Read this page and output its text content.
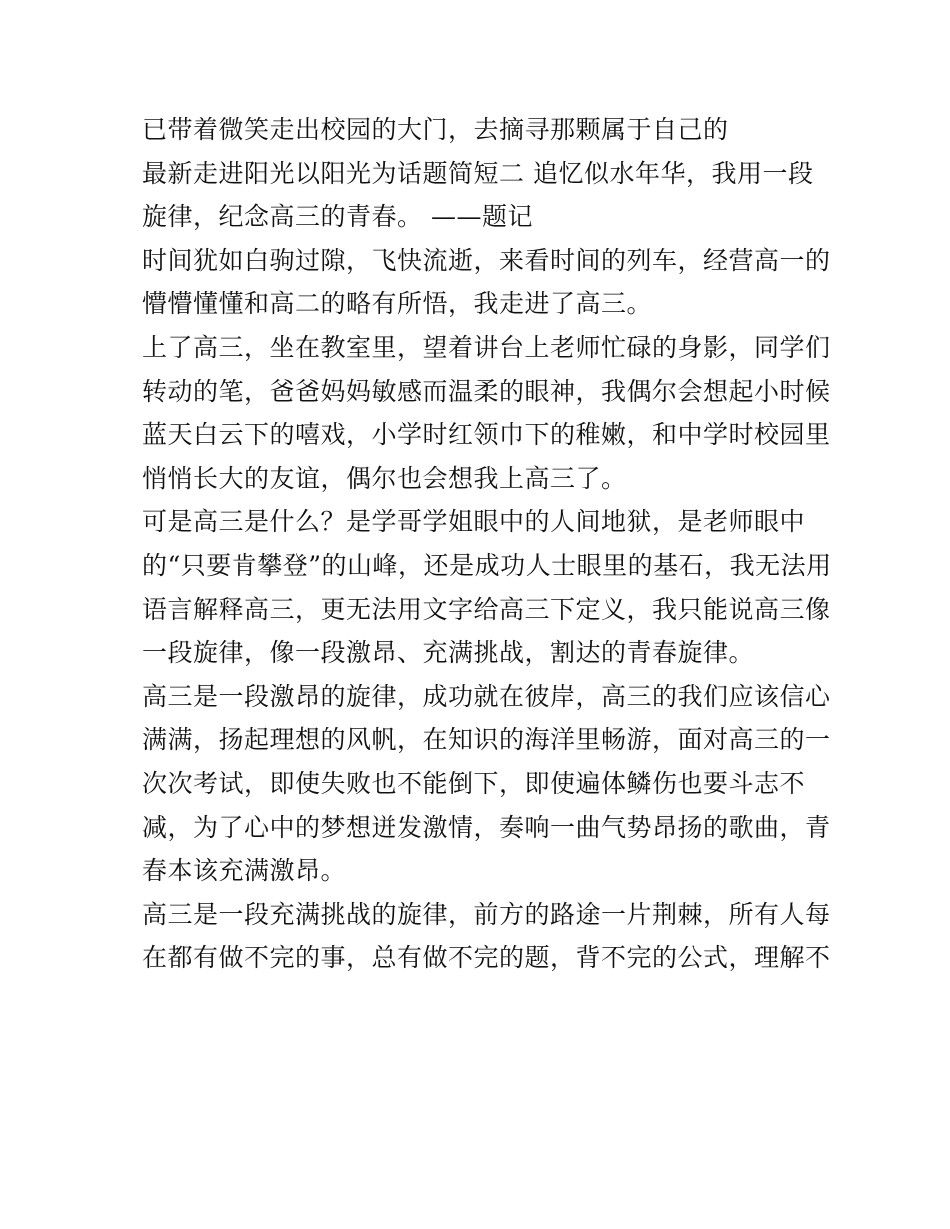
已带着微笑走出校园的大门，去摘寻那颗属于自己的
最新走进阳光以阳光为话题简短二 追忆似水年华，我用一段
旋律，纪念高三的青春。 ——题记
时间犹如白驹过隙，飞快流逝，来看时间的列车，经营高一的
懵懵懂懂和高二的略有所悟，我走进了高三。
上了高三，坐在教室里，望着讲台上老师忙碌的身影，同学们
转动的笔，爸爸妈妈敏感而温柔的眼神，我偶尔会想起小时候
蓝天白云下的嘻戏，小学时红领巾下的稚嫩，和中学时校园里
悄悄长大的友谊，偶尔也会想我上高三了。
可是高三是什么？是学哥学姐眼中的人间地狱，是老师眼中
的“只要肯攀登”的山峰，还是成功人士眼里的基石，我无法用
语言解释高三，更无法用文字给高三下定义，我只能说高三像
一段旋律，像一段激昂、充满挑战，割达的青春旋律。
高三是一段激昂的旋律，成功就在彼岸，高三的我们应该信心
满满，扬起理想的风帆，在知识的海洋里畅游，面对高三的一
次次考试，即使失败也不能倒下，即使遍体鳞伤也要斗志不
减，为了心中的梦想迸发激情，奏响一曲气势昂扬的歌曲，青
春本该充满激昂。
高三是一段充满挑战的旋律，前方的路途一片荆棘，所有人每
在都有做不完的事，总有做不完的题，背不完的公式，理解不
